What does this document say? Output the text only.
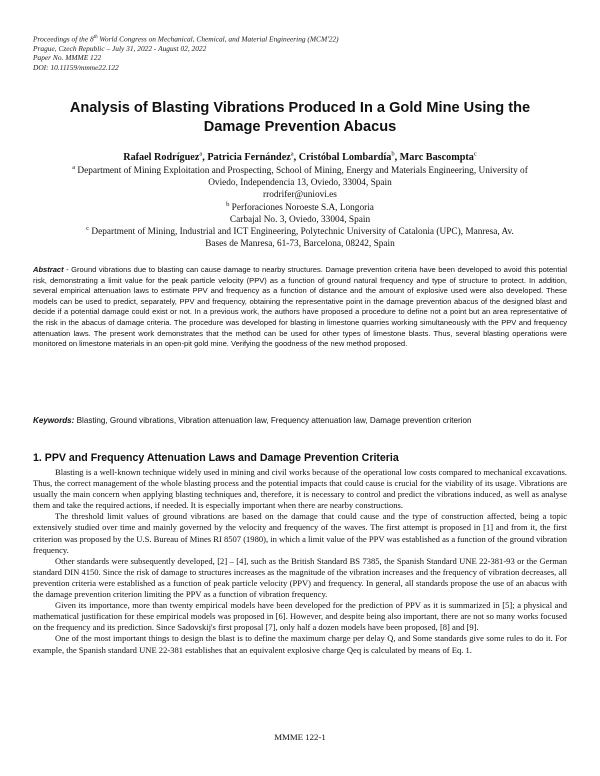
Proceedings of the 8th World Congress on Mechanical, Chemical, and Material Engineering (MCM'22)
Prague, Czech Republic – July 31, 2022 - August 02, 2022
Paper No. MMME 122
DOI: 10.11159/mmme22.122
Analysis of Blasting Vibrations Produced In a Gold Mine Using the Damage Prevention Abacus
Rafael Rodríguez$^a$, Patricia Fernández$^a$, Cristóbal Lombardía$^b$, Marc Bascompta$^c$
$^a$ Department of Mining Exploitation and Prospecting, School of Mining, Energy and Materials Engineering, University of
Oviedo, Independencia 13, Oviedo, 33004, Spain
rrodrifer@uniovi.es
$^b$ Perforaciones Noroeste S.A, Longoria
Carbajal No. 3, Oviedo, 33004, Spain
$^c$ Department of Mining, Industrial and ICT Engineering, Polytechnic University of Catalonia (UPC), Manresa, Av.
Bases de Manresa, 61-73, Barcelona, 08242, Spain
Abstract - Ground vibrations due to blasting can cause damage to nearby structures. Damage prevention criteria have been developed to avoid this potential risk, demonstrating a limit value for the peak particle velocity (PPV) as a function of ground natural frequency and type of structure to protect. In addition, several empirical attenuation laws to estimate PPV and frequency as a function of distance and the amount of explosive used were also developed. These models can be used to predict, separately, PPV and frequency, obtaining the representative point in the damage prevention abacus of the designed blast and decide if a potential damage could exist or not. In a previous work, the authors have proposed a procedure to define not a point but an area representative of the risk in the abacus of damage criteria. The procedure was developed for blasting in limestone quarries working simultaneously with the PPV and frequency attenuation laws. The present work demonstrates that the method can be used for other types of limestone blasts. Thus, several blasting operations were monitored on limestone materials in an open-pit gold mine. Verifying the goodness of the new method proposed.
Keywords: Blasting, Ground vibrations, Vibration attenuation law, Frequency attenuation law, Damage prevention criterion
1. PPV and Frequency Attenuation Laws and Damage Prevention Criteria

Blasting is a well-known technique widely used in mining and civil works because of the operational low costs compared to mechanical excavations. Thus, the correct management of the whole blasting process and the potential impacts that could cause is crucial for the viability of its usage. Vibrations are usually the main concern when applying blasting techniques and, therefore, it is necessary to control and predict the vibrations induced, as well as analyse them and take the required actions, if needed. It is especially important when there are nearby constructions.

The threshold limit values of ground vibrations are based on the damage that could cause and the type of construction affected, being a topic extensively studied over time and mainly governed by the velocity and frequency of the waves. The first attempt is proposed in [1] and from it, the first criterion was proposed by the U.S. Bureau of Mines RI 8507 (1980), in which a limit value of the PPV was established as a function of the ground vibration frequency.

Other standards were subsequently developed, [2] – [4], such as the British Standard BS 7385, the Spanish Standard UNE 22-381-93 or the German standard DIN 4150. Since the risk of damage to structures increases as the magnitude of the vibration increases and the frequency of vibration decreases, all prevention criteria were established as a function of peak particle velocity (PPV) and frequency. In general, all standards propose the use of an abacus with the damage prevention criterion limiting the PPV as a function of vibration frequency.

Given its importance, more than twenty empirical models have been developed for the prediction of PPV as it is summarized in [5]; a physical and mathematical justification for these empirical models was proposed in [6]. However, and despite being also important, there are not so many works focused on the frequency and its prediction. Since Sadovskij's first proposal [7], only half a dozen models have been proposed, [8] and [9].

One of the most important things to design the blast is to define the maximum charge per delay Q, and Some standards give some rules to do it. For example, the Spanish standard UNE 22-381 establishes that an equivalent explosive charge Qeq is calculated by means of Eq. 1.

MMME 122-1
